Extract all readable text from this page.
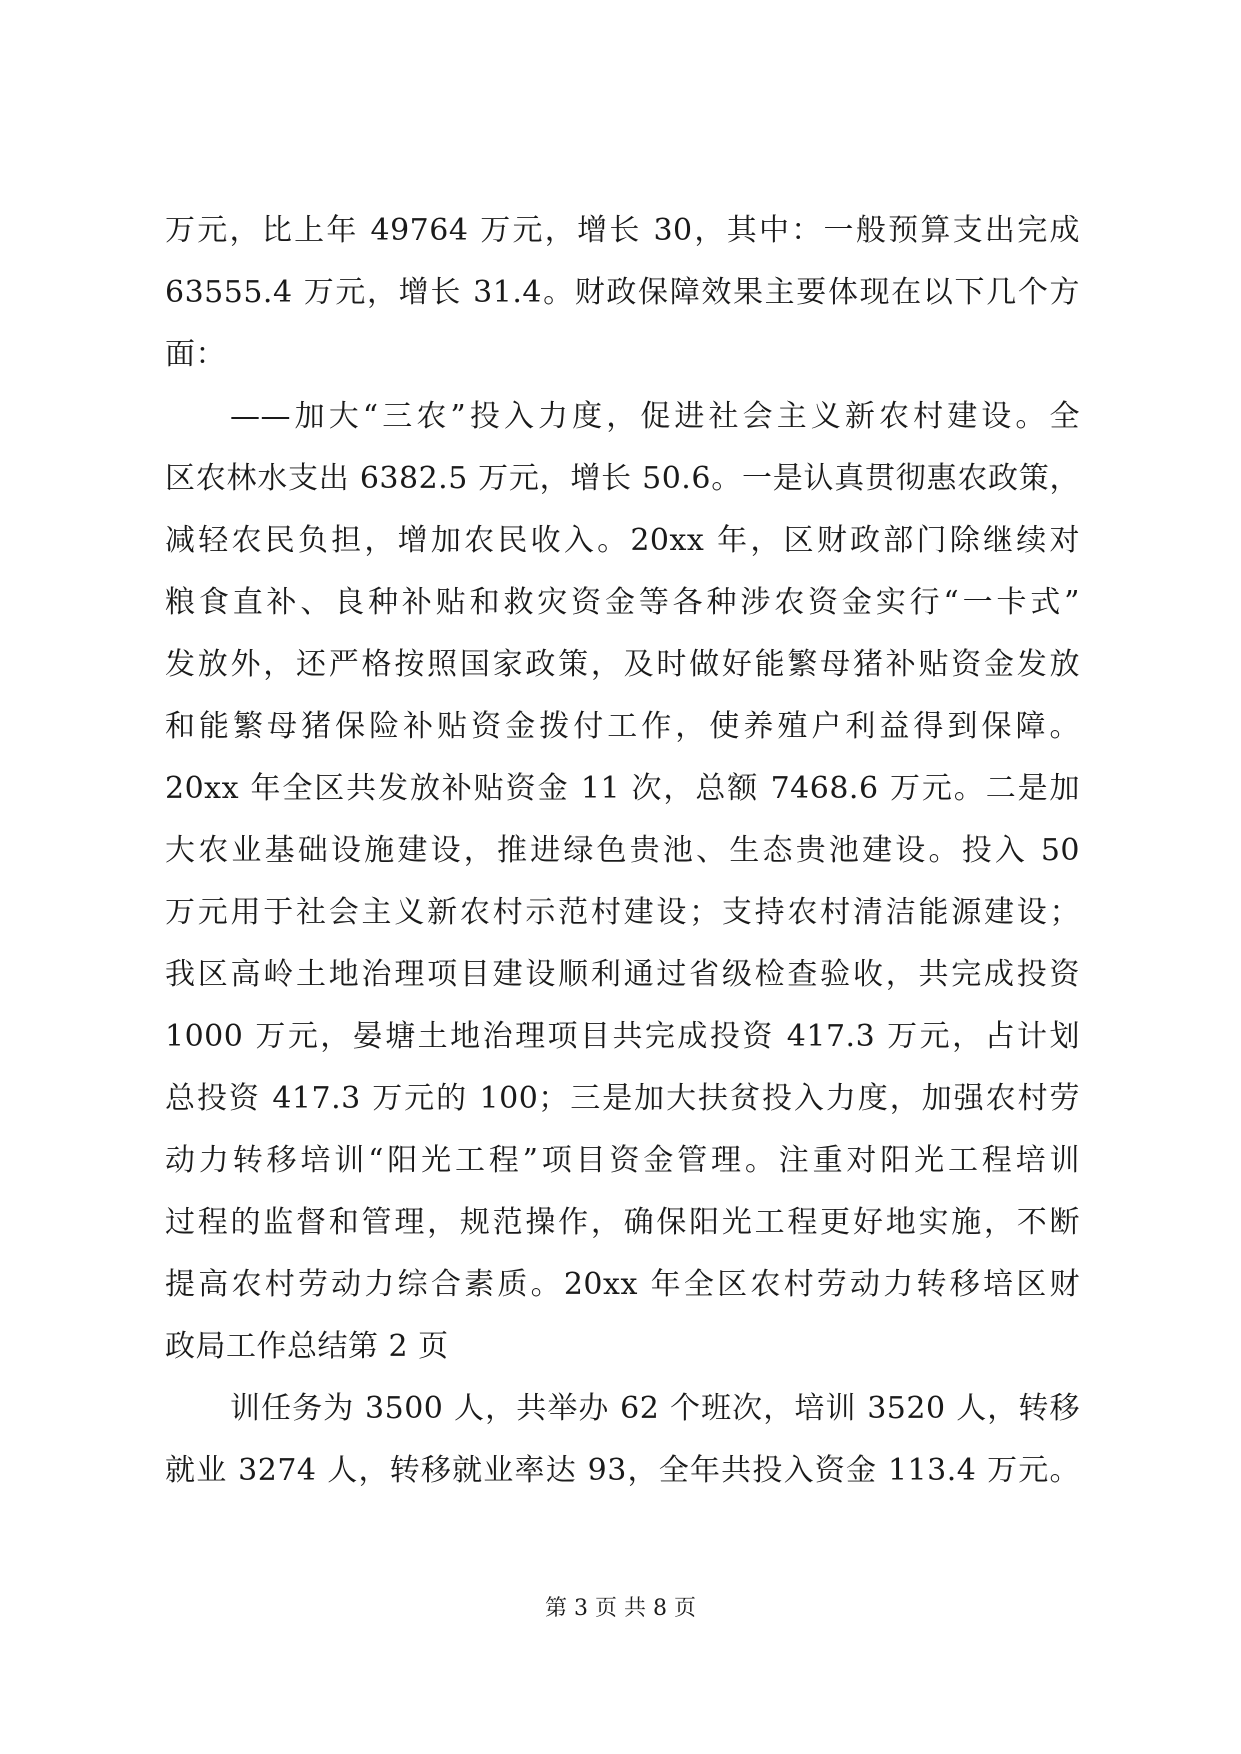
万元，比上年 49764 万元，增长 30，其中：一般预算支出完成
63555.4 万元，增长 31.4。财政保障效果主要体现在以下几个方
面：
——加大“三农”投入力度，促进社会主义新农村建设。全
区农林水支出 6382.5 万元，增长 50.6。一是认真贯彻惠农政策，
减轻农民负担，增加农民收入。20xx 年，区财政部门除继续对
粮食直补、良种补贴和救灾资金等各种涉农资金实行“一卡式”
发放外，还严格按照国家政策，及时做好能繁母猪补贴资金发放
和能繁母猪保险补贴资金拨付工作，使养殖户利益得到保障。
20xx 年全区共发放补贴资金 11 次，总额 7468.6 万元。二是加
大农业基础设施建设，推进绿色贵池、生态贵池建设。投入 50
万元用于社会主义新农村示范村建设；支持农村清洁能源建设；
我区高岭土地治理项目建设顺利通过省级检查验收，共完成投资
1000 万元，晏塘土地治理项目共完成投资 417.3 万元，占计划
总投资 417.3 万元的 100；三是加大扶贫投入力度，加强农村劳
动力转移培训“阳光工程”项目资金管理。注重对阳光工程培训
过程的监督和管理，规范操作，确保阳光工程更好地实施，不断
提高农村劳动力综合素质。20xx 年全区农村劳动力转移培区财
政局工作总结第 2 页
训任务为 3500 人，共举办 62 个班次，培训 3520 人，转移
就业 3274 人，转移就业率达 93，全年共投入资金 113.4 万元。
第 3 页 共 8 页
